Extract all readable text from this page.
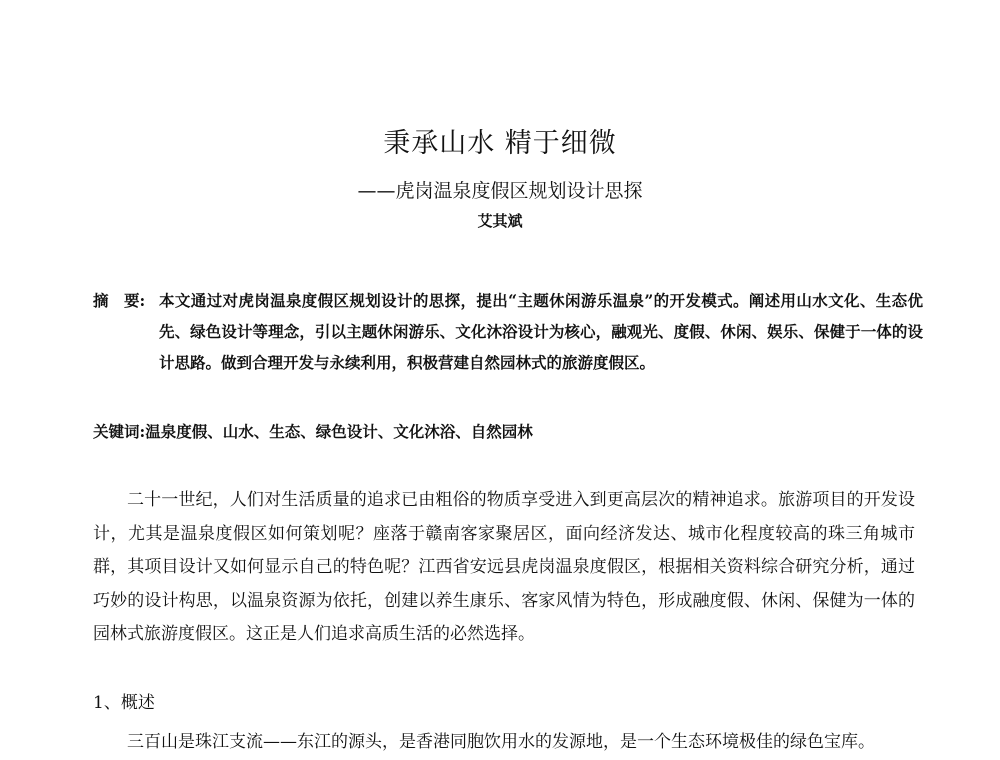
秉承山水 精于细微
——虎岗温泉度假区规划设计思探
艾其斌
摘　要: 本文通过对虎岗温泉度假区规划设计的思探，提出“主题休闲游乐温泉”的开发模式。阐述用山水文化、生态优先、绿色设计等理念，引以主题休闲游乐、文化沐浴设计为核心，融观光、度假、休闲、娱乐、保健于一体的设计思路。做到合理开发与永续利用，积极营建自然园林式的旅游度假区。
关键词:温泉度假、山水、生态、绿色设计、文化沐浴、自然园林
二十一世纪，人们对生活质量的追求已由粗俗的物质享受进入到更高层次的精神追求。旅游项目的开发设计，尤其是温泉度假区如何策划呢？座落于赣南客家聚居区，面向经济发达、城市化程度较高的珠三角城市群，其项目设计又如何显示自己的特色呢？江西省安远县虎岗温泉度假区，根据相关资料综合研究分析，通过巧妙的设计构思，以温泉资源为依托，创建以养生康乐、客家风情为特色，形成融度假、休闲、保健为一体的园林式旅游度假区。这正是人们追求高质生活的必然选择。
1、概述
三百山是珠江支流——东江的源头，是香港同胞饮用水的发源地，是一个生态环境极佳的绿色宝库。
